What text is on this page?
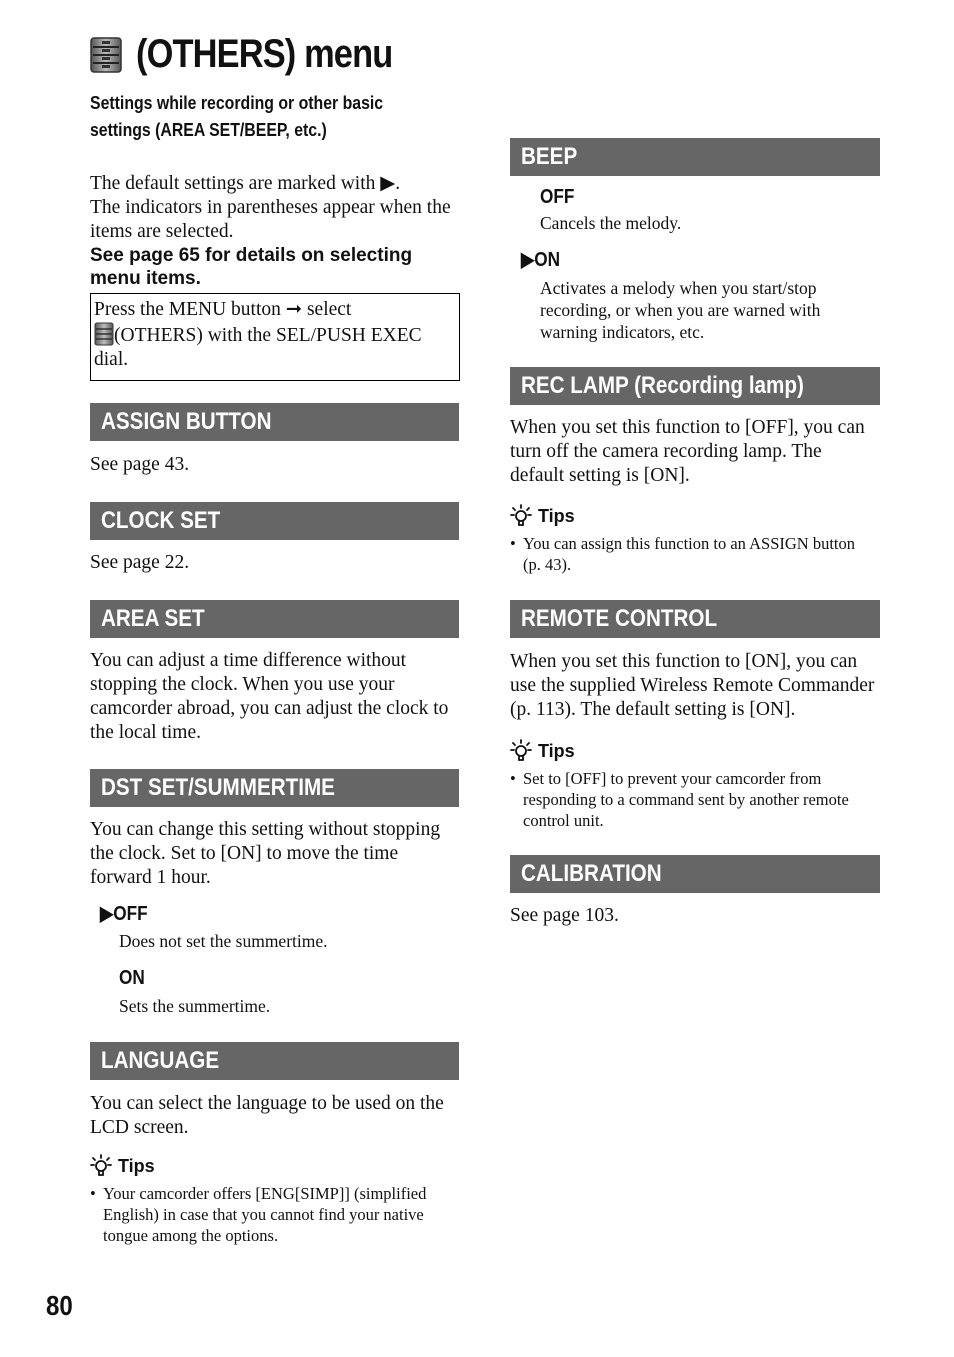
(OTHERS) menu
Settings while recording or other basic settings (AREA SET/BEEP, etc.)
The default settings are marked with ▶.
The indicators in parentheses appear when the items are selected.
See page 65 for details on selecting menu items.
Press the MENU button ➞ select
(OTHERS) with the SEL/PUSH EXEC dial.
ASSIGN BUTTON
See page 43.
CLOCK SET
See page 22.
AREA SET
You can adjust a time difference without stopping the clock. When you use your camcorder abroad, you can adjust the clock to the local time.
DST SET/SUMMERTIME
You can change this setting without stopping the clock. Set to [ON] to move the time forward 1 hour.
▶OFF
Does not set the summertime.
ON
Sets the summertime.
LANGUAGE
You can select the language to be used on the LCD screen.
Tips
• Your camcorder offers [ENG[SIMP]] (simplified English) in case that you cannot find your native tongue among the options.
BEEP
OFF
Cancels the melody.
▶ON
Activates a melody when you start/stop recording, or when you are warned with warning indicators, etc.
REC LAMP (Recording lamp)
When you set this function to [OFF], you can turn off the camera recording lamp. The default setting is [ON].
Tips
• You can assign this function to an ASSIGN button (p. 43).
REMOTE CONTROL
When you set this function to [ON], you can use the supplied Wireless Remote Commander (p. 113). The default setting is [ON].
Tips
• Set to [OFF] to prevent your camcorder from responding to a command sent by another remote control unit.
CALIBRATION
See page 103.
80
